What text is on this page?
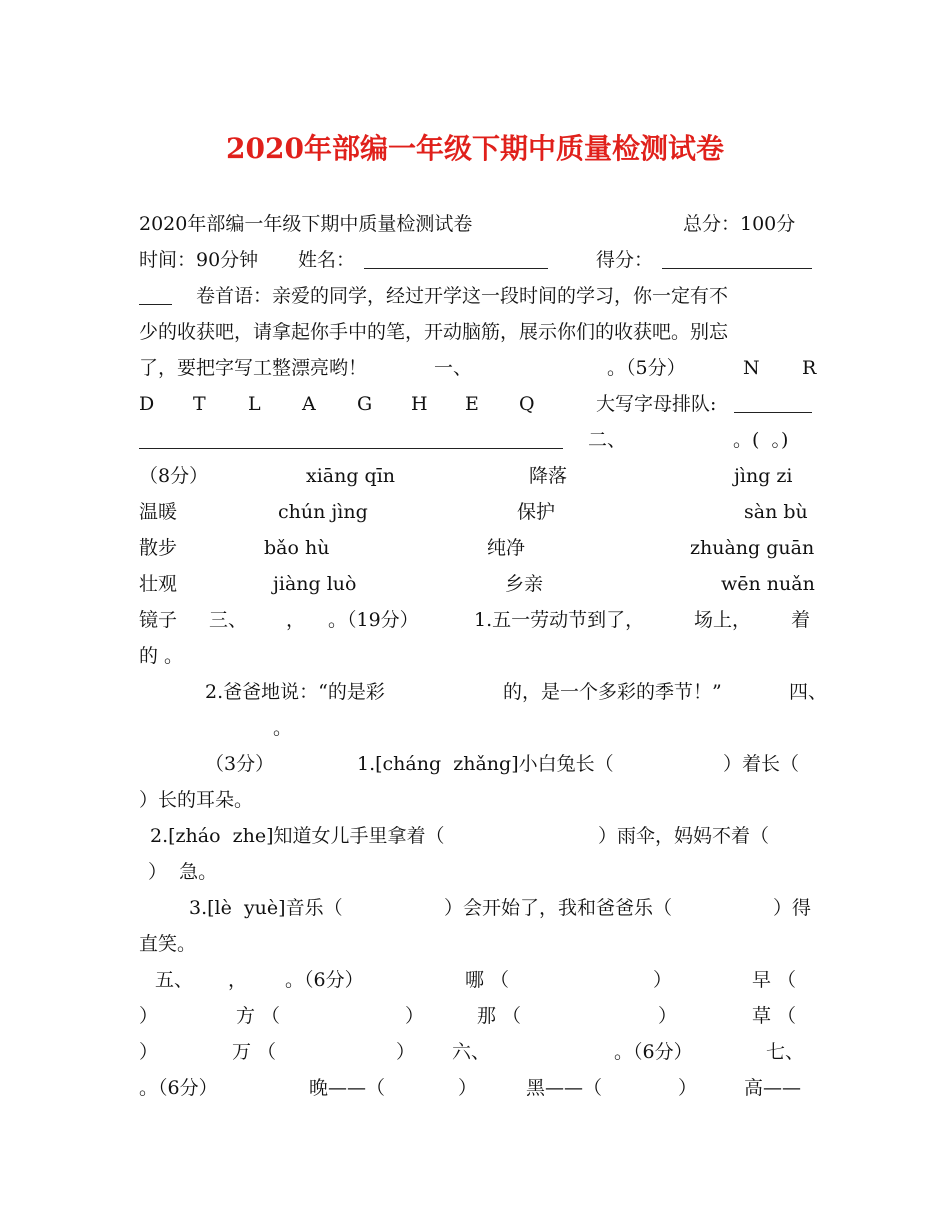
2020年部编一年级下期中质量检测试卷
2020年部编一年级下期中质量检测试卷	总分：100分
时间：90分钟 姓名：	得分：
卷首语：亲爱的同学，经过开学这一段时间的学习，你一定有不
少的收获吧，请拿起你手中的笔，开动脑筋，展示你们的收获吧。别忘
了，要把字写工整漂亮哟！	一、	。（5分）	N R
D T L A G H E Q	大写字母排队:
二、	。(  。)
（8分）	xiāng qīn	降落	jìng zi
温暖	chún jìng	保护	sàn bù
散步	bǎo hù	纯净	zhuàng guān
壮观	jiàng luò	乡亲	wēn nuǎn
镜子 三、 ， 。（19分）	1.五一劳动节到了，	场上， 着
的 。
2.爸爸地说：“的是彩	的，是一个多彩的季节！”	四、
。
（3分）	1.[cháng  zhǎng]小白兔长（	）着长（
）长的耳朵。
2.[zháo  zhe]知道女儿手里拿着（	）雨伞，妈妈不着（
）  急。
3.[lè  yuè]音乐（	）会开始了，我和爸爸乐（	）得
直笑。
五、 ， 。（6分）	哪 （	）	早 （
）	方 （	）	那 （	）	草 （
）	万 （	） 六、	。（6分）	七、
。（6分）	晚——（	）	黑——（	） 高——
